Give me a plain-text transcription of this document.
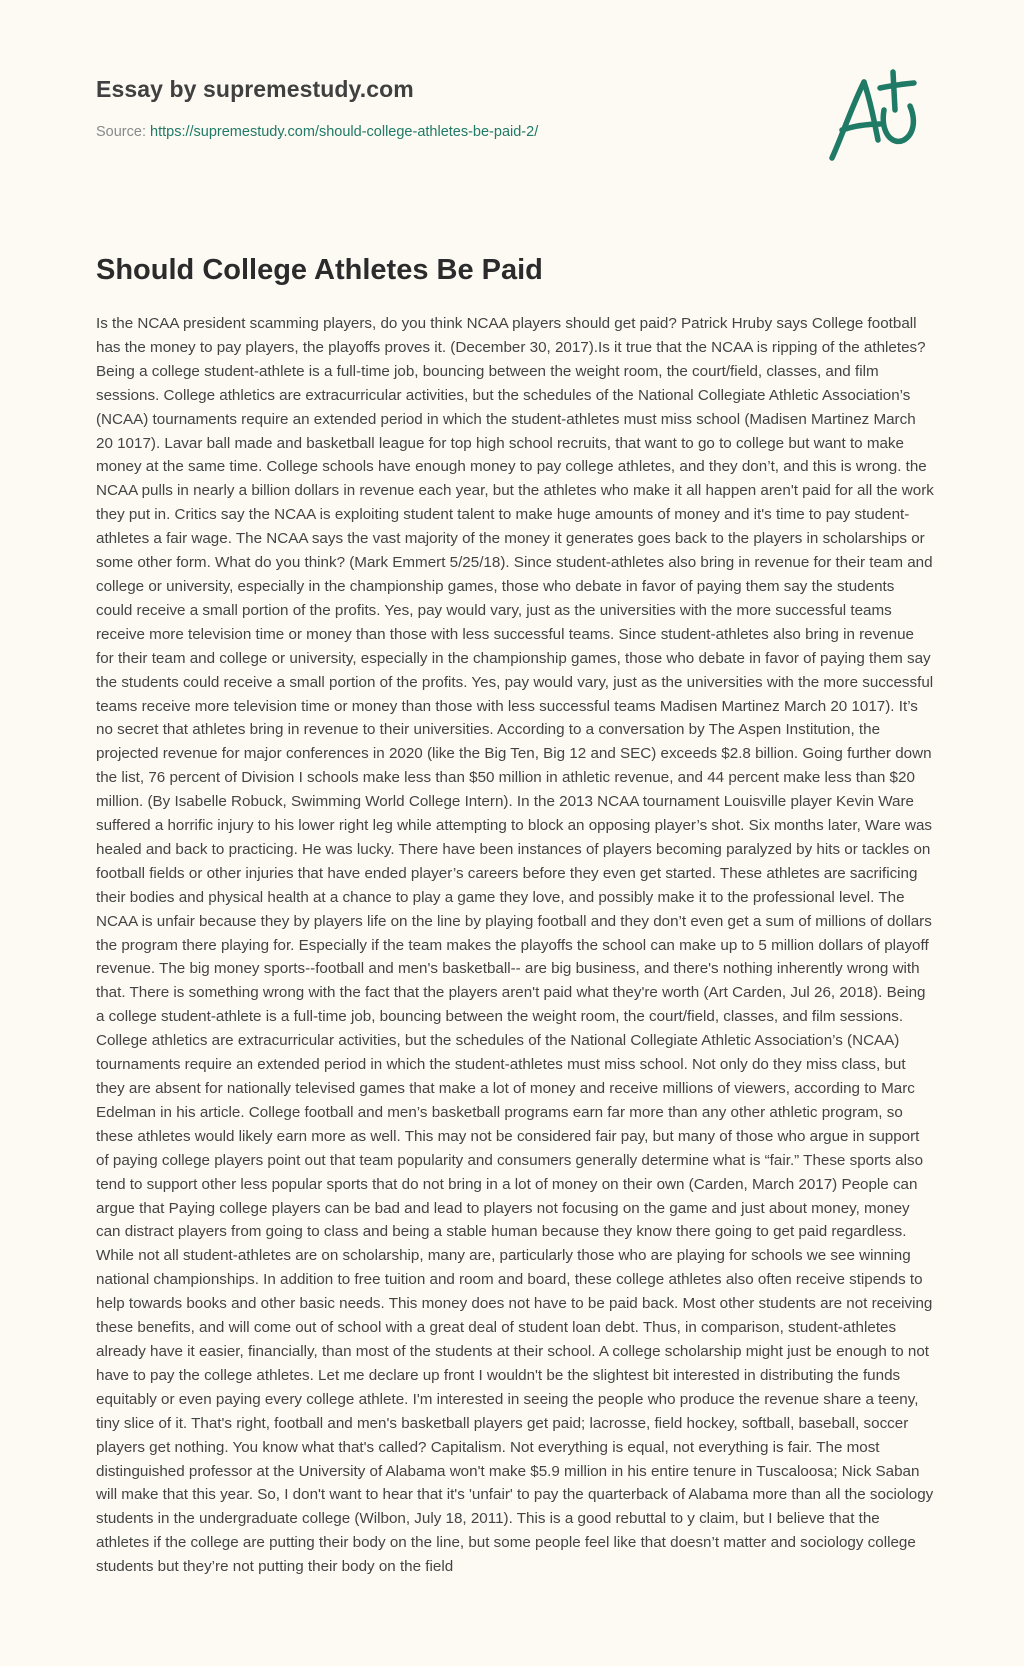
Essay by supremestudy.com
Source: https://supremestudy.com/should-college-athletes-be-paid-2/
Should College Athletes Be Paid

Is the NCAA president scamming players, do you think NCAA players should get paid? Patrick Hruby says College football has the money to pay players, the playoffs proves it. (December 30, 2017).Is it true that the NCAA is ripping of the athletes? Being a college student-athlete is a full-time job, bouncing between the weight room, the court/field, classes, and film sessions. College athletics are extracurricular activities, but the schedules of the National Collegiate Athletic Association’s (NCAA) tournaments require an extended period in which the student-athletes must miss school (Madisen Martinez March 20 1017). Lavar ball made and basketball league for top high school recruits, that want to go to college but want to make money at the same time. College schools have enough money to pay college athletes, and they don’t, and this is wrong. the NCAA pulls in nearly a billion dollars in revenue each year, but the athletes who make it all happen aren't paid for all the work they put in. Critics say the NCAA is exploiting student talent to make huge amounts of money and it's time to pay student-athletes a fair wage. The NCAA says the vast majority of the money it generates goes back to the players in scholarships or some other form. What do you think? (Mark Emmert 5/25/18). Since student-athletes also bring in revenue for their team and college or university, especially in the championship games, those who debate in favor of paying them say the students could receive a small portion of the profits. Yes, pay would vary, just as the universities with the more successful teams receive more television time or money than those with less successful teams. Since student-athletes also bring in revenue for their team and college or university, especially in the championship games, those who debate in favor of paying them say the students could receive a small portion of the profits. Yes, pay would vary, just as the universities with the more successful teams receive more television time or money than those with less successful teams Madisen Martinez March 20 1017). It’s no secret that athletes bring in revenue to their universities. According to a conversation by The Aspen Institution, the projected revenue for major conferences in 2020 (like the Big Ten, Big 12 and SEC) exceeds $2.8 billion. Going further down the list, 76 percent of Division I schools make less than $50 million in athletic revenue, and 44 percent make less than $20 million. (By Isabelle Robuck, Swimming World College Intern). In the 2013 NCAA tournament Louisville player Kevin Ware suffered a horrific injury to his lower right leg while attempting to block an opposing player’s shot. Six months later, Ware was healed and back to practicing. He was lucky. There have been instances of players becoming paralyzed by hits or tackles on football fields or other injuries that have ended player’s careers before they even get started. These athletes are sacrificing their bodies and physical health at a chance to play a game they love, and possibly make it to the professional level. The NCAA is unfair because they by players life on the line by playing football and they don’t even get a sum of millions of dollars the program there playing for. Especially if the team makes the playoffs the school can make up to 5 million dollars of playoff revenue. The big money sports--football and men's basketball-- are big business, and there's nothing inherently wrong with that. There is something wrong with the fact that the players aren't paid what they're worth (Art Carden, Jul 26, 2018). Being a college student-athlete is a full-time job, bouncing between the weight room, the court/field, classes, and film sessions. College athletics are extracurricular activities, but the schedules of the National Collegiate Athletic Association’s (NCAA) tournaments require an extended period in which the student-athletes must miss school. Not only do they miss class, but they are absent for nationally televised games that make a lot of money and receive millions of viewers, according to Marc Edelman in his article. College football and men’s basketball programs earn far more than any other athletic program, so these athletes would likely earn more as well. This may not be considered fair pay, but many of those who argue in support of paying college players point out that team popularity and consumers generally determine what is “fair.” These sports also tend to support other less popular sports that do not bring in a lot of money on their own (Carden, March 2017) People can argue that Paying college players can be bad and lead to players not focusing on the game and just about money, money can distract players from going to class and being a stable human because they know there going to get paid regardless. While not all student-athletes are on scholarship, many are, particularly those who are playing for schools we see winning national championships. In addition to free tuition and room and board, these college athletes also often receive stipends to help towards books and other basic needs. This money does not have to be paid back. Most other students are not receiving these benefits, and will come out of school with a great deal of student loan debt. Thus, in comparison, student-athletes already have it easier, financially, than most of the students at their school. A college scholarship might just be enough to not have to pay the college athletes. Let me declare up front I wouldn't be the slightest bit interested in distributing the funds equitably or even paying every college athlete. I'm interested in seeing the people who produce the revenue share a teeny, tiny slice of it. That's right, football and men's basketball players get paid; lacrosse, field hockey, softball, baseball, soccer players get nothing. You know what that's called? Capitalism. Not everything is equal, not everything is fair. The most distinguished professor at the University of Alabama won't make $5.9 million in his entire tenure in Tuscaloosa; Nick Saban will make that this year. So, I don't want to hear that it's 'unfair' to pay the quarterback of Alabama more than all the sociology students in the undergraduate college (Wilbon, July 18, 2011). This is a good rebuttal to y claim, but I believe that the athletes if the college are putting their body on the line, but some people feel like that doesn’t matter and sociology college students but they’re not putting their body on the field
